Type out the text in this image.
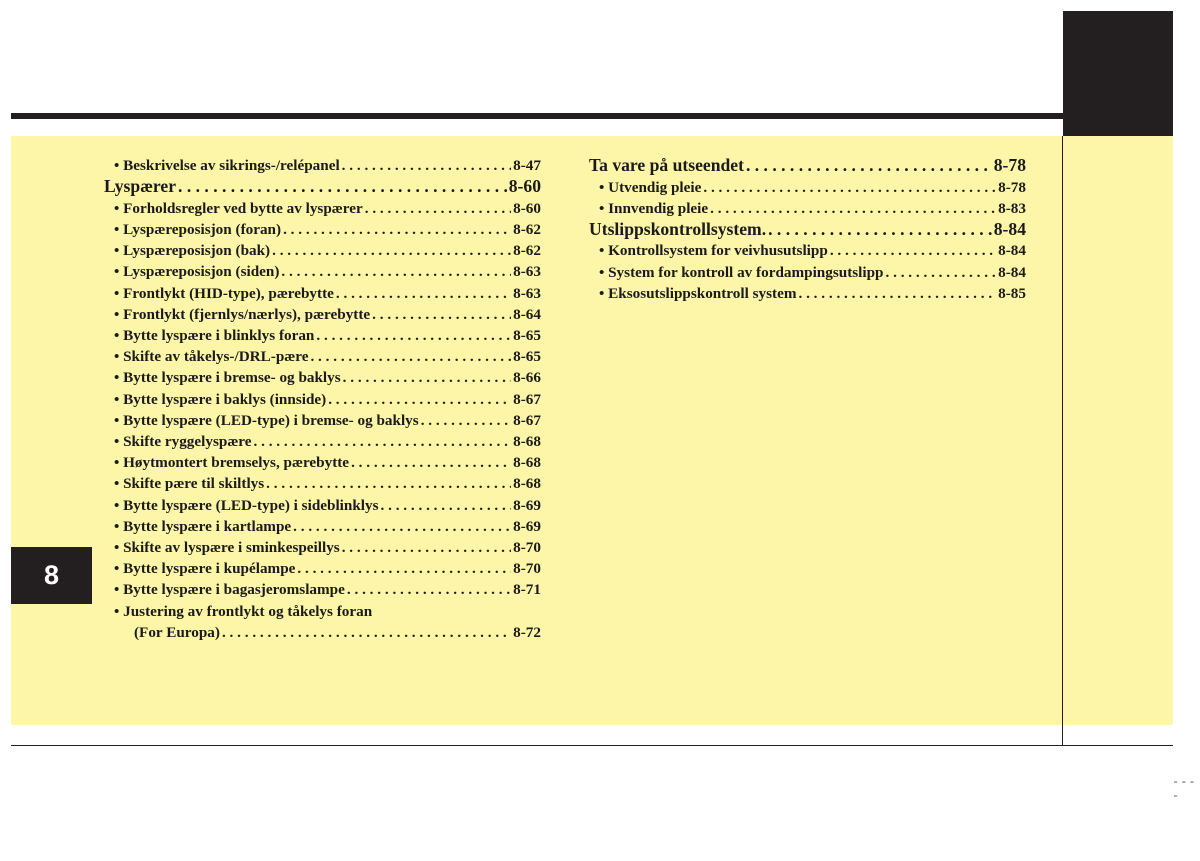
8
----
• Beskrivelse av sikrings-/relépanel . . .	8-47
Lyspærer . . .	8-60
• Forholdsregler ved bytte av lyspærer . . .	8-60
• Lyspæreposisjon (foran) . . .	8-62
• Lyspæreposisjon (bak) . . .	8-62
• Lyspæreposisjon (siden) . . .	8-63
• Frontlykt (HID-type), pærebytte . . .	8-63
• Frontlykt (fjernlys/nærlys), pærebytte . . .	8-64
• Bytte lyspære i blinklys foran . . .	8-65
• Skifte av tåkelys-/DRL-pære . . .	8-65
• Bytte lyspære i bremse- og baklys . . .	8-66
• Bytte lyspære i baklys (innside) . . .	8-67
• Bytte lyspære (LED-type) i bremse- og baklys . . .	8-67
• Skifte ryggelyspære . . .	8-68
• Høytmontert bremselys, pærebytte . . .	8-68
• Skifte pære til skiltlys . . .	8-68
• Bytte lyspære (LED-type) i sideblinklys . . .	8-69
• Bytte lyspære i kartlampe . . .	8-69
• Skifte av lyspære i sminkespeillys . . .	8-70
• Bytte lyspære i kupélampe . . .	8-70
• Bytte lyspære i bagasjeromslampe . . .	8-71
• Justering av frontlykt og tåkelys foran
(For Europa) . . .	8-72
Ta vare på utseendet . . .	8-78
• Utvendig pleie . . .	8-78
• Innvendig pleie . . .	8-83
Utslippskontrollsystem. . . .	8-84
• Kontrollsystem for veivhusutslipp . . .	8-84
• System for kontroll av fordampingsutslipp . . .	8-84
• Eksosutslippskontroll system . . .	8-85
